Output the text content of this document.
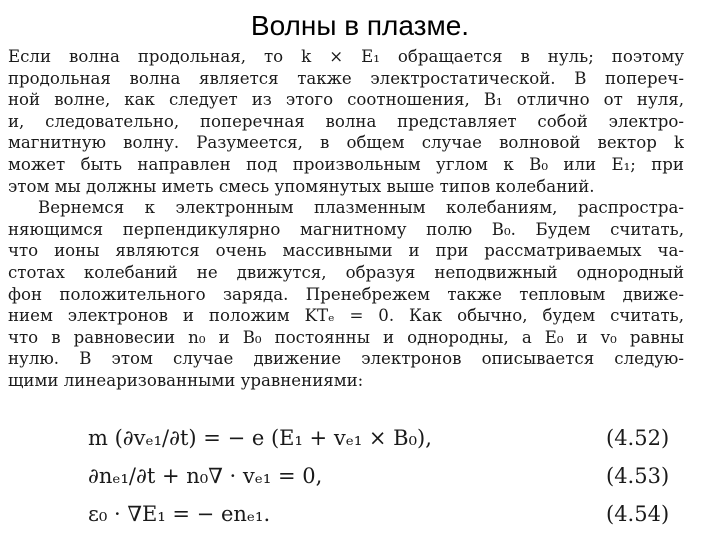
Волны в плазме.
Если волна продольная, то k × E₁ обращается в нуль; поэтому
продольная волна является также электростатической. В попереч-
ной волне, как следует из этого соотношения, B₁ отлично от нуля,
и, следовательно, поперечная волна представляет собой электро-
магнитную волну. Разумеется, в общем случае волновой вектор k
может быть направлен под произвольным углом к B₀ или E₁; при
этом мы должны иметь смесь упомянутых выше типов колебаний.
Вернемся к электронным плазменным колебаниям, распростра-
няющимся перпендикулярно магнитному полю B₀. Будем считать,
что ионы являются очень массивными и при рассматриваемых ча-
стотах колебаний не движутся, образуя неподвижный однородный
фон положительного заряда. Пренебрежем также тепловым движе-
нием электронов и положим KTₑ = 0. Как обычно, будем считать,
что в равновесии n₀ и B₀ постоянны и однородны, а E₀ и v₀ равны
нулю. В этом случае движение электронов описывается следую-
щими линеаризованными уравнениями:
m (∂vₑ₁/∂t) = − e (E₁ + vₑ₁ × B₀),	(4.52)
∂nₑ₁/∂t + n₀∇ · vₑ₁ = 0,	(4.53)
ε₀ · ∇E₁ = − enₑ₁.	(4.54)
